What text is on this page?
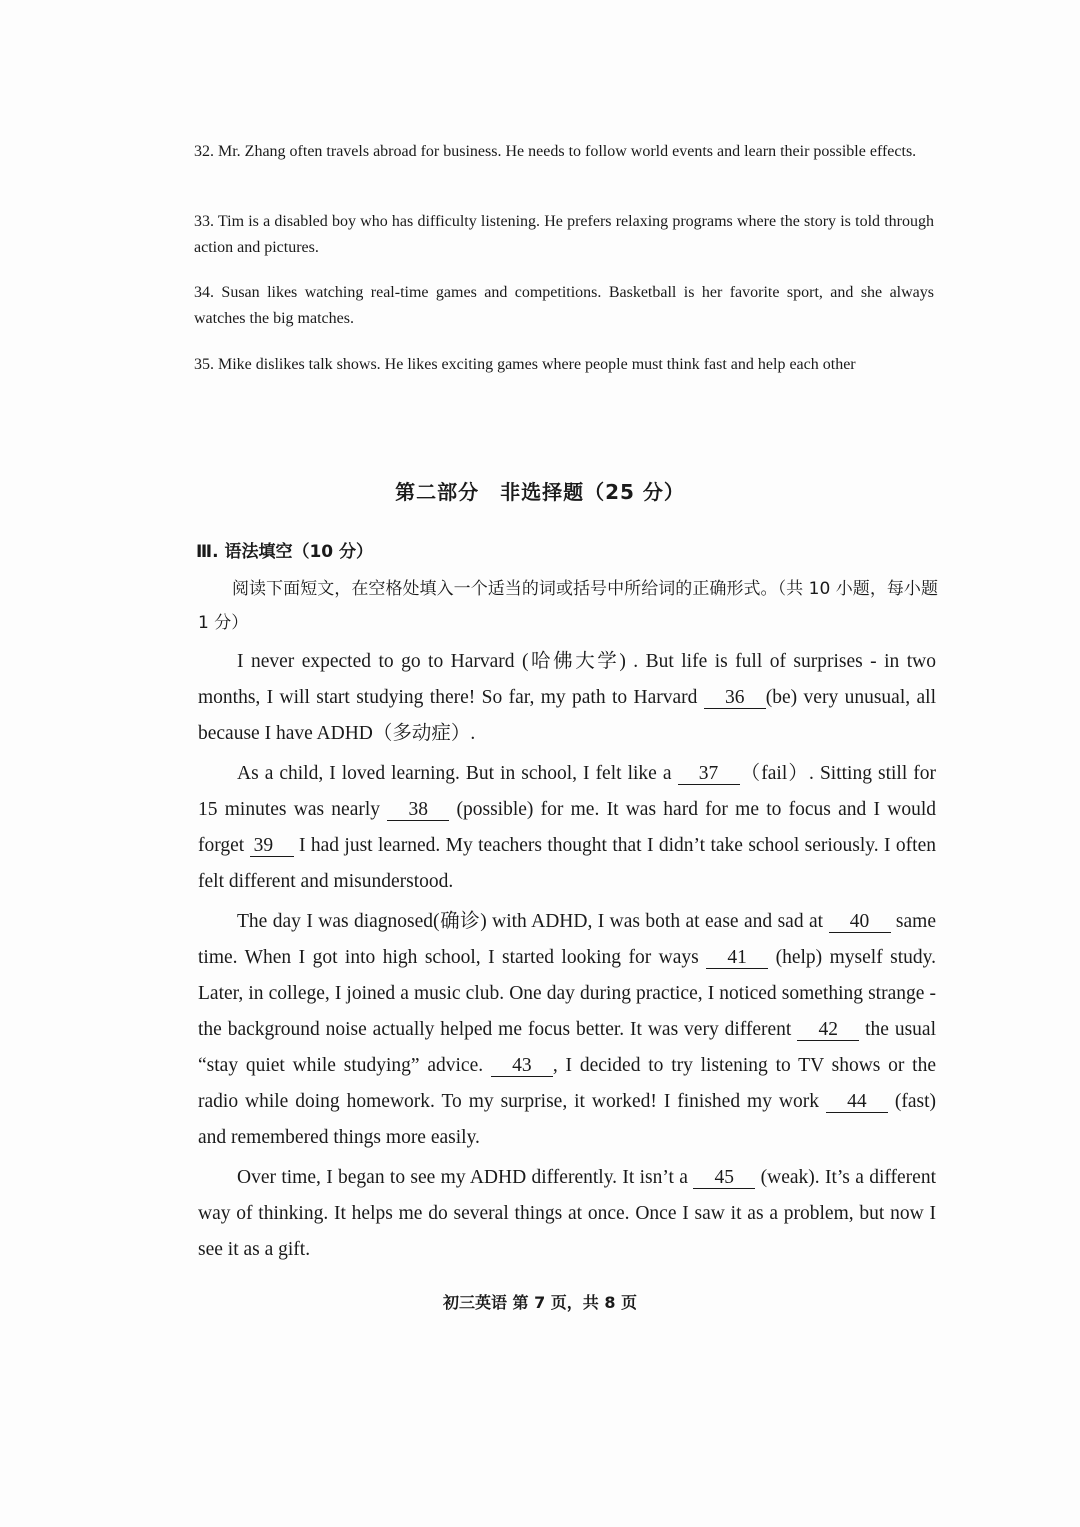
32. Mr. Zhang often travels abroad for business. He needs to follow world events and learn their possible effects.
33. Tim is a disabled boy who has difficulty listening. He prefers relaxing programs where the story is told through action and pictures.
34. Susan likes watching real-time games and competitions. Basketball is her favorite sport, and she always watches the big matches.
35. Mike dislikes talk shows. He likes exciting games where people must think fast and help each other
第二部分　非选择题（25 分）
Ⅲ. 语法填空（10 分）
阅读下面短文，在空格处填入一个适当的词或括号中所给词的正确形式。（共 10 小题，每小题 1 分）

I never expected to go to Harvard (哈佛大学) . But life is full of surprises - in two months, I will start studying there! So far, my path to Harvard 36 (be) very unusual, all because I have ADHD（多动症）.

As a child, I loved learning. But in school, I felt like a 37 （fail）. Sitting still for 15 minutes was nearly 38 (possible) for me. It was hard for me to focus and I would forget 39 I had just learned. My teachers thought that I didn’t take school seriously. I often felt different and misunderstood.

The day I was diagnosed(确诊) with ADHD, I was both at ease and sad at 40 same time. When I got into high school, I started looking for ways 41 (help) myself study. Later, in college, I joined a music club. One day during practice, I noticed something strange - the background noise actually helped me focus better. It was very different 42 the usual “stay quiet while studying” advice. 43 , I decided to try listening to TV shows or the radio while doing homework. To my surprise, it worked! I finished my work 44 (fast) and remembered things more easily.

Over time, I began to see my ADHD differently. It isn’t a 45 (weak). It’s a different way of thinking. It helps me do several things at once. Once I saw it as a problem, but now I see it as a gift.

初三英语 第 7 页，共 8 页
